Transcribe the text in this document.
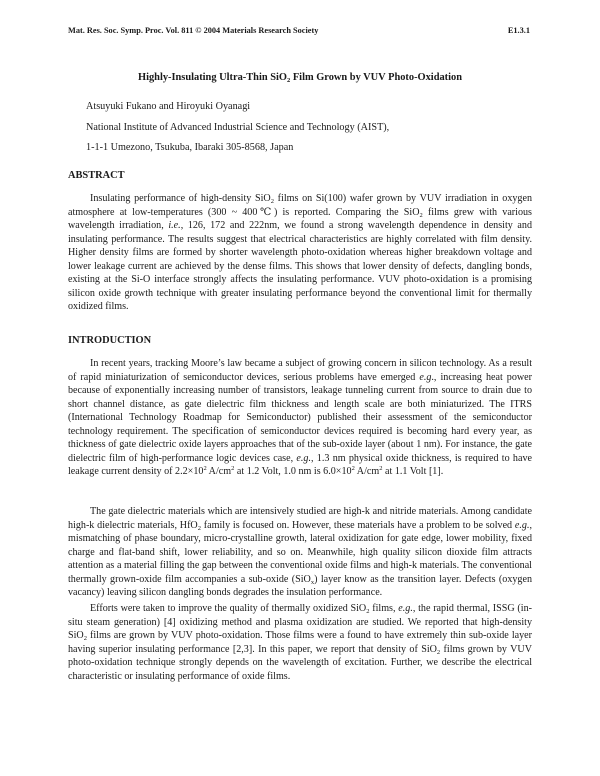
Mat. Res. Soc. Symp. Proc. Vol. 811 © 2004 Materials Research Society	E1.3.1
Highly-Insulating Ultra-Thin SiO$_2$ Film Grown by VUV Photo-Oxidation
Atsuyuki Fukano and Hiroyuki Oyanagi
National Institute of Advanced Industrial Science and Technology (AIST),
1-1-1 Umezono, Tsukuba, Ibaraki 305-8568, Japan
ABSTRACT

Insulating performance of high-density SiO$_2$ films on Si(100) wafer grown by VUV irradiation in oxygen atmosphere at low-temperatures (300 ~ 400℃) is reported. Comparing the SiO$_2$ films grew with various wavelength irradiation, i.e., 126, 172 and 222nm, we found a strong wavelength dependence in density and insulating performance. The results suggest that electrical characteristics are highly correlated with film density. Higher density films are formed by shorter wavelength photo-oxidation whereas higher breakdown voltage and lower leakage current are achieved by the dense films. This shows that lower density of defects, dangling bonds, existing at the Si-O interface strongly affects the insulating performance. VUV photo-oxidation is a promising silicon oxide growth technique with greater insulating performance beyond the conventional limit for thermally oxidized films.

INTRODUCTION

In recent years, tracking Moore’s law became a subject of growing concern in silicon technology. As a result of rapid miniaturization of semiconductor devices, serious problems have emerged e.g., increasing heat power because of exponentially increasing number of transistors, leakage tunneling current from source to drain due to short channel distance, as gate dielectric film thickness and length scale are both miniaturized. The ITRS (International Technology Roadmap for Semiconductor) published their assessment of the semiconductor technology requirement. The specification of semiconductor devices required is becoming hard every year, as thickness of gate dielectric oxide layers approaches that of the sub-oxide layer (about 1 nm). For instance, the gate dielectric film of high-performance logic devices case, e.g., 1.3 nm physical oxide thickness, is required to have leakage current density of $2.2\times 10^2$ $A/cm^2$ at 1.2 Volt, 1.0 nm is $6.0\times 10^2$ $A/cm^2$ at 1.1 Volt [1].

The gate dielectric materials which are intensively studied are high-k and nitride materials. Among candidate high-k dielectric materials, HfO$_2$ family is focused on. However, these materials have a problem to be solved e.g., mismatching of phase boundary, micro-crystalline growth, lateral oxidization for gate edge, lower mobility, fixed charge and flat-band shift, lower reliability, and so on. Meanwhile, high quality silicon dioxide film attracts attention as a material filling the gap between the conventional oxide films and high-k materials. The conventional thermally grown-oxide film accompanies a sub-oxide (SiO$_x$) layer know as the transition layer. Defects (oxygen vacancy) leaving silicon dangling bonds degrades the insulation performance.

Efforts were taken to improve the quality of thermally oxidized SiO$_2$ films, e.g., the rapid thermal, ISSG (in-situ steam generation) [4] oxidizing method and plasma oxidization are studied. We reported that high-density SiO$_2$ films are grown by VUV photo-oxidation. Those films were a found to have extremely thin sub-oxide layer having superior insulating performance [2,3]. In this paper, we report that density of SiO$_2$ films grown by VUV photo-oxidation technique strongly depends on the wavelength of excitation. Further, we describe the electrical characteristic or insulating performance of oxide films.
